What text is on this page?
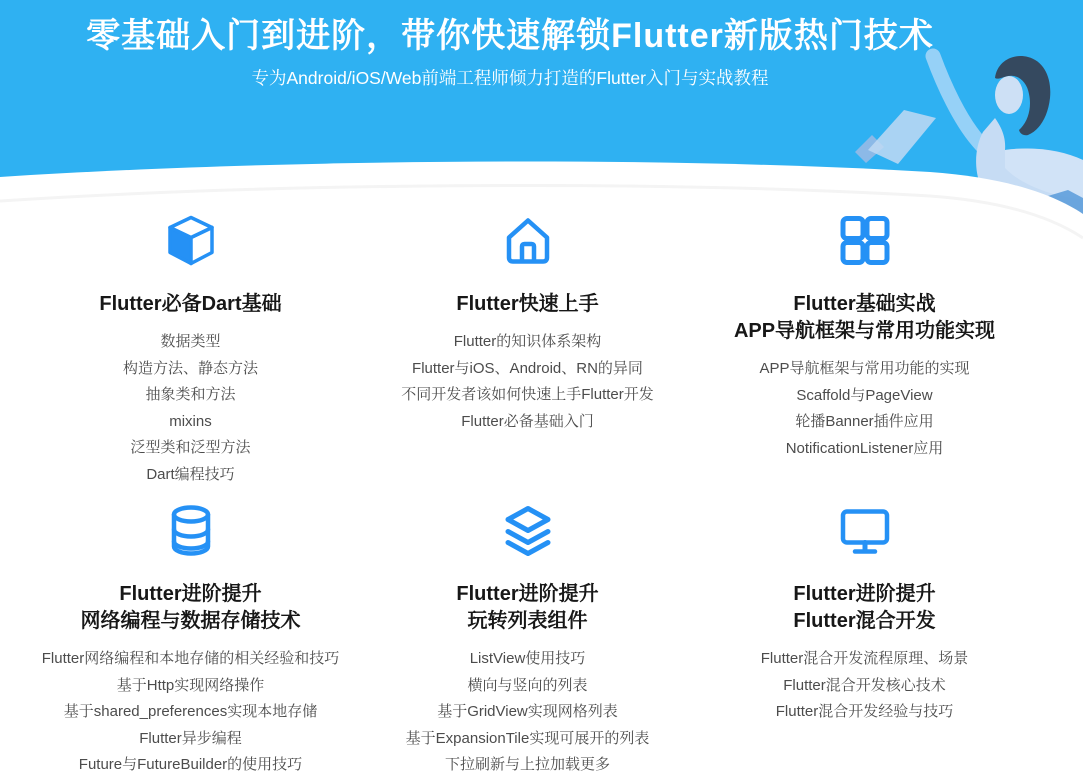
零基础入门到进阶，带你快速解锁Flutter新版热门技术

专为Android/iOS/Web前端工程师倾力打造的Flutter入门与实战教程

Flutter必备Dart基础
数据类型
构造方法、静态方法
抽象类和方法
mixins
泛型类和泛型方法
Dart编程技巧
Flutter快速上手
Flutter的知识体系架构
Flutter与iOS、Android、RN的异同
不同开发者该如何快速上手Flutter开发
Flutter必备基础入门
Flutter基础实战
APP导航框架与常用功能实现
APP导航框架与常用功能的实现
Scaffold与PageView
轮播Banner插件应用
NotificationListener应用
Flutter进阶提升
网络编程与数据存储技术
Flutter网络编程和本地存储的相关经验和技巧
基于Http实现网络操作
基于shared_preferences实现本地存储
Flutter异步编程
Future与FutureBuilder的使用技巧
Flutter进阶提升
玩转列表组件
ListView使用技巧
横向与竖向的列表
基于GridView实现网格列表
基于ExpansionTile实现可展开的列表
下拉刷新与上拉加载更多
Flutter进阶提升
Flutter混合开发
Flutter混合开发流程原理、场景
Flutter混合开发核心技术
Flutter混合开发经验与技巧
